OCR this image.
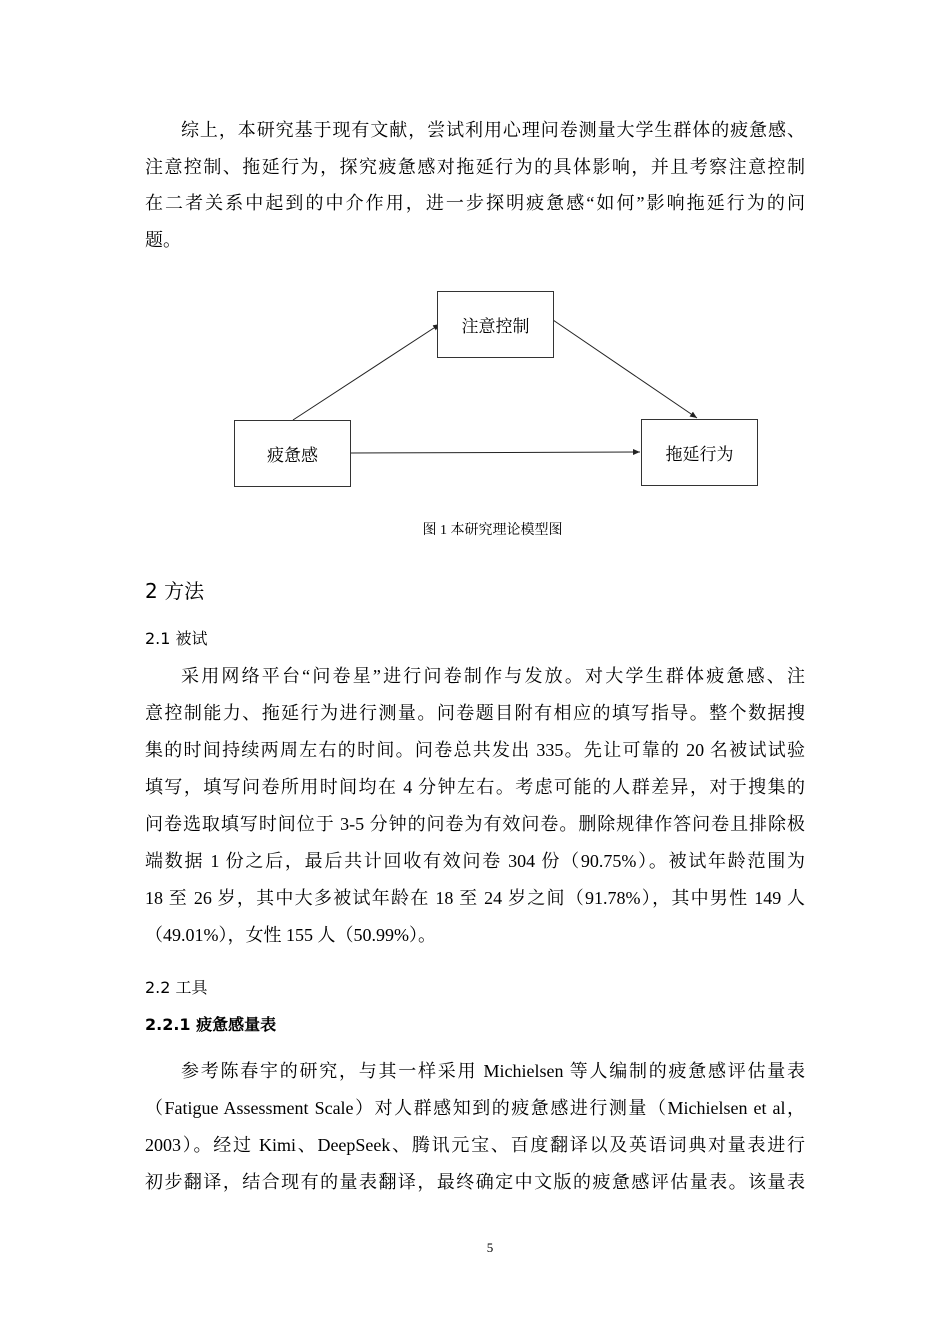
综上，本研究基于现有文献，尝试利用心理问卷测量大学生群体的疲惫感、
注意控制、拖延行为，探究疲惫感对拖延行为的具体影响，并且考察注意控制
在二者关系中起到的中介作用，进一步探明疲惫感“如何”影响拖延行为的问
题。
注意控制
疲惫感	拖延行为
图 1 本研究理论模型图
2 方法
2.1 被试
采用网络平台“问卷星”进行问卷制作与发放。对大学生群体疲惫感、注
意控制能力、拖延行为进行测量。问卷题目附有相应的填写指导。整个数据搜
集的时间持续两周左右的时间。问卷总共发出 335。先让可靠的 20 名被试试验
填写，填写问卷所用时间均在 4 分钟左右。考虑可能的人群差异，对于搜集的
问卷选取填写时间位于 3-5 分钟的问卷为有效问卷。删除规律作答问卷且排除极
端数据 1 份之后，最后共计回收有效问卷 304 份（90.75%）。被试年龄范围为
18 至 26 岁，其中大多被试年龄在 18 至 24 岁之间（91.78%），其中男性 149 人
（49.01%），女性 155 人（50.99%）。
2.2 工具
2.2.1 疲惫感量表
参考陈春宇的研究，与其一样采用 Michielsen 等人编制的疲惫感评估量表
（Fatigue Assessment Scale）对人群感知到的疲惫感进行测量（Michielsen et al，
2003）。经过 Kimi、DeepSeek、腾讯元宝、百度翻译以及英语词典对量表进行
初步翻译，结合现有的量表翻译，最终确定中文版的疲惫感评估量表。该量表
5
